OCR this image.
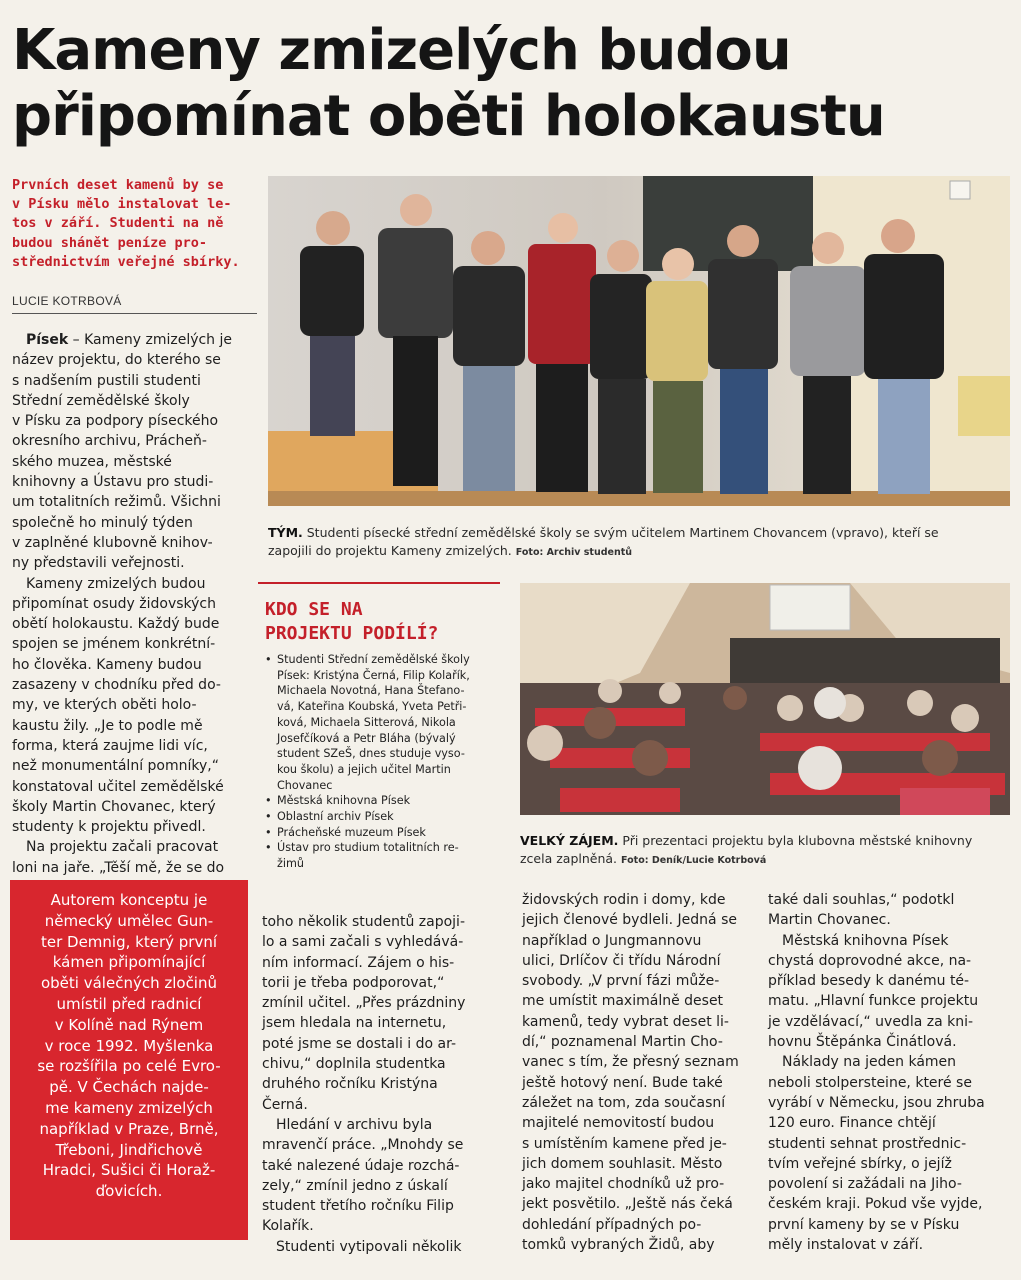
Kameny zmizelých budou
připomínat oběti holokaustu
Prvních deset kamenů by se
v Písku mělo instalovat le-
tos v září. Studenti na ně
budou shánět peníze pro-
střednictvím veřejné sbírky.
LUCIE KOTRBOVÁ
Písek – Kameny zmizelých je
název projektu, do kterého se
s nadšením pustili studenti
Střední zemědělské školy
v Písku za podpory píseckého
okresního archivu, Prácheň-
ského muzea, městské
knihovny a Ústavu pro studi-
um totalitních režimů. Všichni
společně ho minulý týden
v zaplněné klubovně knihov-
ny představili veřejnosti.
Kameny zmizelých budou
připomínat osudy židovských
obětí holokaustu. Každý bude
spojen se jménem konkrétní-
ho člověka. Kameny budou
zasazeny v chodníku před do-
my, ve kterých oběti holo-
kaustu žily. „Je to podle mě
forma, která zaujme lidi víc,
než monumentální pomníky,“
konstatoval učitel zemědělské
školy Martin Chovanec, který
studenty k projektu přivedl.
Na projektu začali pracovat
loni na jaře. „Těší mě, že se do
TÝM. Studenti písecké střední zemědělské školy se svým učitelem Martinem Chovancem (vpravo), kteří se
zapojili do projektu Kameny zmizelých. Foto: Archiv studentů
KDO SE NA
PROJEKTU PODÍLÍ?
• Studenti Střední zemědělské školy
Písek: Kristýna Černá, Filip Kolařík,
Michaela Novotná, Hana Štefano-
vá, Kateřina Koubská, Yveta Petři-
ková, Michaela Sitterová, Nikola
Josefčíková a Petr Bláha (bývalý
student SZeŠ, dnes studuje vyso-
kou školu) a jejich učitel Martin
Chovanec
• Městská knihovna Písek
• Oblastní archiv Písek
• Prácheňské muzeum Písek
• Ústav pro studium totalitních re-
žimů
VELKÝ ZÁJEM. Při prezentaci projektu byla klubovna městské knihovny
zcela zaplněná. Foto: Deník/Lucie Kotrbová
Autorem konceptu je
německý umělec Gun-
ter Demnig, který první
kámen připomínající
oběti válečných zločinů
umístil před radnicí
v Kolíně nad Rýnem
v roce 1992. Myšlenka
se rozšířila po celé Evro-
pě. V Čechách najde-
me kameny zmizelých
například v Praze, Brně,
Třeboni, Jindřichově
Hradci, Sušici či Horaž-
ďovicích.
toho několik studentů zapoji-
lo a sami začali s vyhledává-
ním informací. Zájem o his-
torii je třeba podporovat,“
zmínil učitel. „Přes prázdniny
jsem hledala na internetu,
poté jsme se dostali i do ar-
chivu,“ doplnila studentka
druhého ročníku Kristýna
Černá.
Hledání v archivu byla
mravenčí práce. „Mnohdy se
také nalezené údaje rozchá-
zely,“ zmínil jedno z úskalí
student třetího ročníku Filip
Kolařík.
Studenti vytipovali několik
židovských rodin i domy, kde
jejich členové bydleli. Jedná se
například o Jungmannovu
ulici, Drlíčov či třídu Národní
svobody. „V první fázi může-
me umístit maximálně deset
kamenů, tedy vybrat deset li-
dí,“ poznamenal Martin Cho-
vanec s tím, že přesný seznam
ještě hotový není. Bude také
záležet na tom, zda současní
majitelé nemovitostí budou
s umístěním kamene před je-
jich domem souhlasit. Město
jako majitel chodníků už pro-
jekt posvětilo. „Ještě nás čeká
dohledání případných po-
tomků vybraných Židů, aby
také dali souhlas,“ podotkl
Martin Chovanec.
Městská knihovna Písek
chystá doprovodné akce, na-
příklad besedy k danému té-
matu. „Hlavní funkce projektu
je vzdělávací,“ uvedla za kni-
hovnu Štěpánka Činátlová.
Náklady na jeden kámen
neboli stolpersteine, které se
vyrábí v Německu, jsou zhruba
120 euro. Finance chtějí
studenti sehnat prostřednic-
tvím veřejné sbírky, o jejíž
povolení si zažádali na Jiho-
českém kraji. Pokud vše vyjde,
první kameny by se v Písku
měly instalovat v září.
